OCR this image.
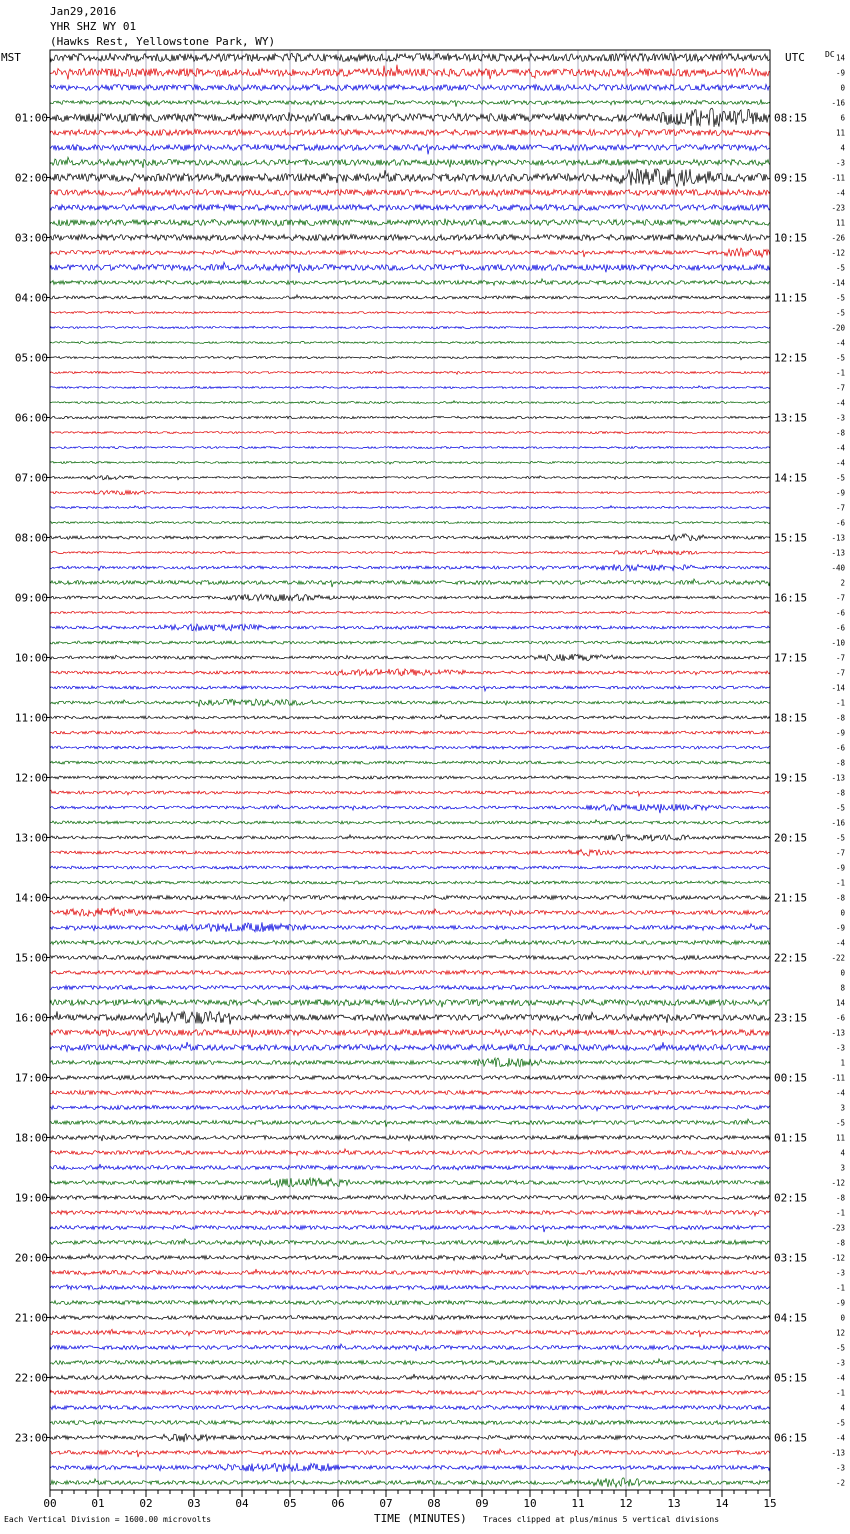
Jan29,2016
YHR SHZ WY 01
(Hawks Rest, Yellowstone Park, WY)
MST	UTC	DC
01:00
02:00
03:00
04:00
05:00
06:00
07:00
08:00
09:00
10:00
11:00
12:00
13:00
14:00
15:00
16:00
17:00
18:00
19:00
20:00
21:00
22:00
23:00
08:15
09:15
10:15
11:15
12:15
13:15
14:15
15:15
16:15
17:15
18:15
19:15
20:15
21:15
22:15
23:15
00:15
01:15
02:15
03:15
04:15
05:15
06:15
14
-9
0
-16
6
11
4
-3
-11
-4
-23
11
-26
-12
-5
-14
-5
-5
-20
-4
-5
-1
-7
-4
-3
-8
-4
-4
-5
-9
-7
-6
-13
-13
-40
2
-7
-6
-6
-10
-7
-7
-14
-1
-8
-9
-6
-8
-13
-8
-5
-16
-5
-7
-9
-1
-8
0
-9
-4
-22
0
8
14
-6
-13
-3
1
-11
-4
3
-5
11
4
3
-12
-8
-1
-23
-8
-12
-3
-1
-9
0
12
-5
-3
-4
-1
4
-5
-4
-13
-3
-2
00	01	02	03	04	05	06	07	08	09	10	11	12	13	14	15
Each Vertical Division = 1600.00 microvolts	TIME (MINUTES) Traces clipped at plus/minus 5 vertical divisions
